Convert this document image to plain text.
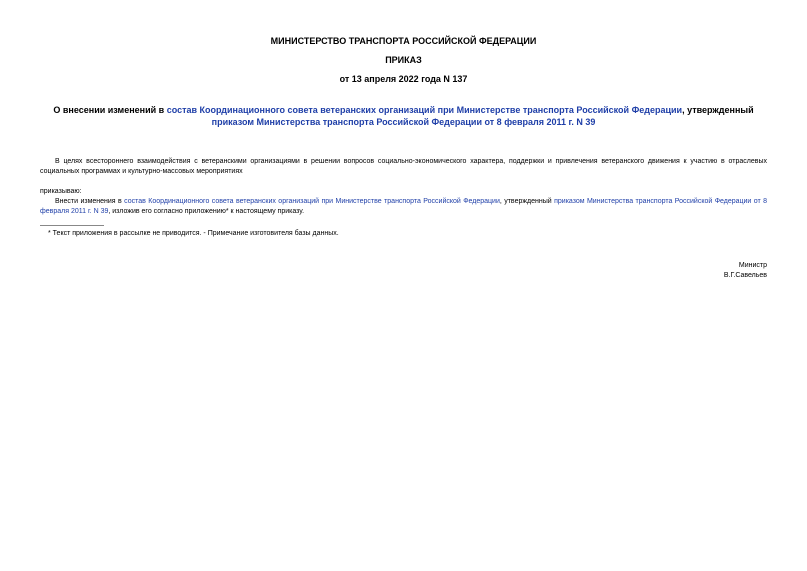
МИНИСТЕРСТВО ТРАНСПОРТА РОССИЙСКОЙ ФЕДЕРАЦИИ
ПРИКАЗ
от 13 апреля 2022 года N 137
О внесении изменений в состав Координационного совета ветеранских организаций при Министерстве транспорта Российской Федерации, утвержденный приказом Министерства транспорта Российской Федерации от 8 февраля 2011 г. N 39
В целях всестороннего взаимодействия с ветеранскими организациями в решении вопросов социально-экономического характера, поддержки и привлечения ветеранского движения к участию в отраслевых социальных программах и культурно-массовых мероприятиях
приказываю:
Внести изменения в состав Координационного совета ветеранских организаций при Министерстве транспорта Российской Федерации, утвержденный приказом Министерства транспорта Российской Федерации от 8 февраля 2011 г. N 39, изложив его согласно приложению* к настоящему приказу.
* Текст приложения в рассылке не приводится. - Примечание изготовителя базы данных.
Министр
В.Г.Савельев
